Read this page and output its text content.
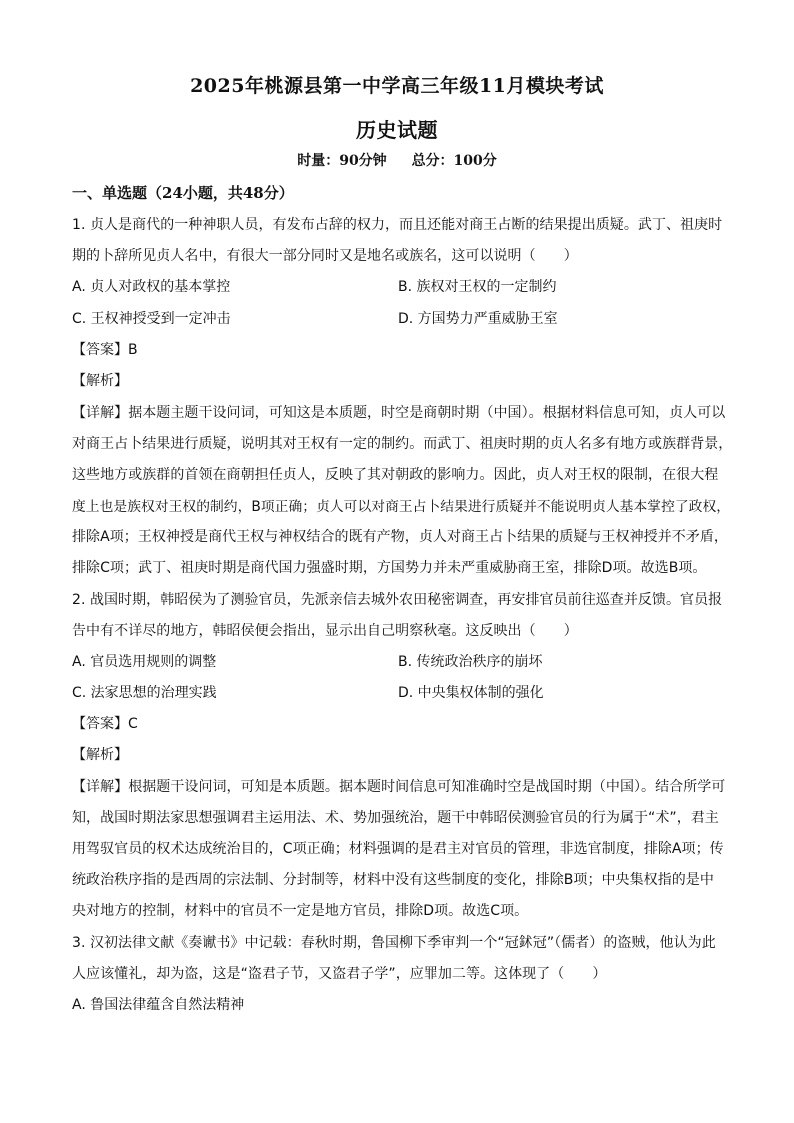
2025年桃源县第一中学高三年级11月模块考试
历史试题
时量：90分钟 总分：100分
一、单选题（24小题，共48分）
1. 贞人是商代的一种神职人员，有发布占辞的权力，而且还能对商王占断的结果提出质疑。武丁、祖庚时
期的卜辞所见贞人名中，有很大一部分同时又是地名或族名，这可以说明（　　）
A. 贞人对政权的基本掌控	B. 族权对王权的一定制约
C. 王权神授受到一定冲击	D. 方国势力严重威胁王室
【答案】B
【解析】
【详解】据本题主题干设问词，可知这是本质题，时空是商朝时期（中国）。根据材料信息可知，贞人可以
对商王占卜结果进行质疑，说明其对王权有一定的制约。而武丁、祖庚时期的贞人名多有地方或族群背景，
这些地方或族群的首领在商朝担任贞人，反映了其对朝政的影响力。因此，贞人对王权的限制，在很大程
度上也是族权对王权的制约，B项正确；贞人可以对商王占卜结果进行质疑并不能说明贞人基本掌控了政权，
排除A项；王权神授是商代王权与神权结合的既有产物，贞人对商王占卜结果的质疑与王权神授并不矛盾，
排除C项；武丁、祖庚时期是商代国力强盛时期，方国势力并未严重威胁商王室，排除D项。故选B项。
2. 战国时期，韩昭侯为了测验官员，先派亲信去城外农田秘密调查，再安排官员前往巡查并反馈。官员报
告中有不详尽的地方，韩昭侯便会指出，显示出自己明察秋毫。这反映出（　　）
A. 官员选用规则的调整	B. 传统政治秩序的崩坏
C. 法家思想的治理实践	D. 中央集权体制的强化
【答案】C
【解析】
【详解】根据题干设问词，可知是本质题。据本题时间信息可知准确时空是战国时期（中国）。结合所学可
知，战国时期法家思想强调君主运用法、术、势加强统治，题干中韩昭侯测验官员的行为属于“术”，君主
用驾驭官员的权术达成统治目的，C项正确；材料强调的是君主对官员的管理，非选官制度，排除A项；传
统政治秩序指的是西周的宗法制、分封制等，材料中没有这些制度的变化，排除B项；中央集权指的是中
央对地方的控制，材料中的官员不一定是地方官员，排除D项。故选C项。
3. 汉初法律文献《奏谳书》中记载：春秋时期，鲁国柳下季审判一个“冠鉥冠”（儒者）的盗贼，他认为此
人应该懂礼，却为盗，这是“盗君子节，又盗君子学”，应罪加二等。这体现了（　　）
A. 鲁国法律蕴含自然法精神
